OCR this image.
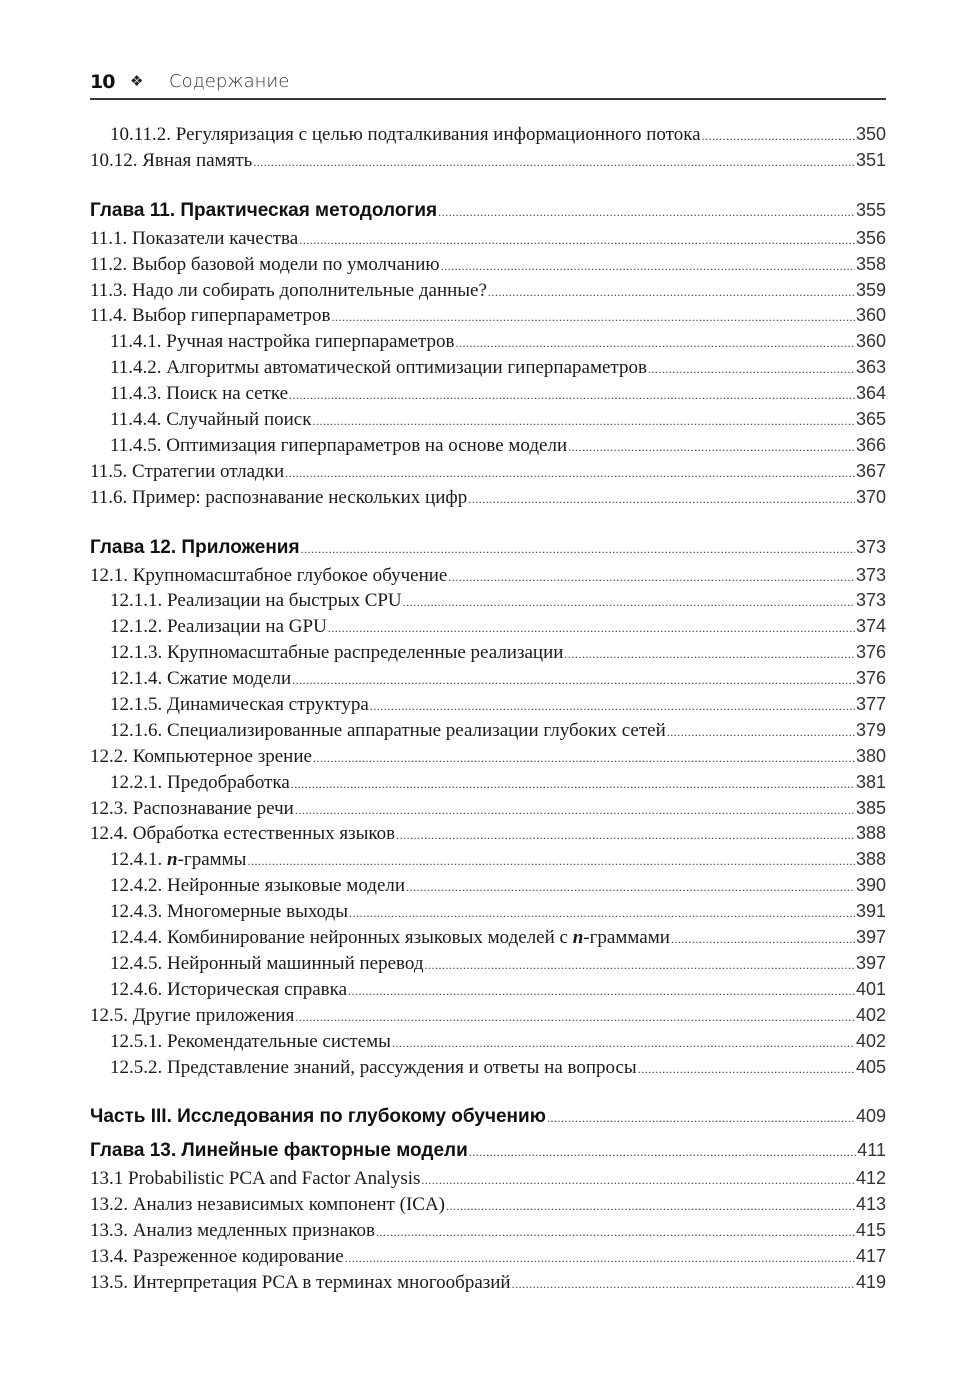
10 ❖ Содержание
10.11.2. Регуляризация с целью подталкивания информационного потока .....	350
10.12. Явная память .....	351
Глава 11. Практическая методология .....	355
11.1. Показатели качества .....	356
11.2. Выбор базовой модели по умолчанию .....	358
11.3. Надо ли собирать дополнительные данные? .....	359
11.4. Выбор гиперпараметров .....	360
11.4.1. Ручная настройка гиперпараметров .....	360
11.4.2. Алгоритмы автоматической оптимизации гиперпараметров .....	363
11.4.3. Поиск на сетке .....	364
11.4.4. Случайный поиск .....	365
11.4.5. Оптимизация гиперпараметров на основе модели .....	366
11.5. Стратегии отладки .....	367
11.6. Пример: распознавание нескольких цифр .....	370
Глава 12. Приложения .....	373
12.1. Крупномасштабное глубокое обучение .....	373
12.1.1. Реализации на быстрых CPU .....	373
12.1.2. Реализации на GPU .....	374
12.1.3. Крупномасштабные распределенные реализации .....	376
12.1.4. Сжатие модели .....	376
12.1.5. Динамическая структура .....	377
12.1.6. Специализированные аппаратные реализации глубоких сетей .....	379
12.2. Компьютерное зрение .....	380
12.2.1. Предобработка .....	381
12.3. Распознавание речи .....	385
12.4. Обработка естественных языков .....	388
12.4.1. n-граммы .....	388
12.4.2. Нейронные языковые модели .....	390
12.4.3. Многомерные выходы .....	391
12.4.4. Комбинирование нейронных языковых моделей с n-граммами .....	397
12.4.5. Нейронный машинный перевод .....	397
12.4.6. Историческая справка .....	401
12.5. Другие приложения .....	402
12.5.1. Рекомендательные системы .....	402
12.5.2. Представление знаний, рассуждения и ответы на вопросы .....	405
Часть III. Исследования по глубокому обучению .....	409
Глава 13. Линейные факторные модели .....	411
13.1 Probabilistic PCA and Factor Analysis .....	412
13.2. Анализ независимых компонент (ICA) .....	413
13.3. Анализ медленных признаков .....	415
13.4. Разреженное кодирование .....	417
13.5. Интерпретация PCA в терминах многообразий .....	419
